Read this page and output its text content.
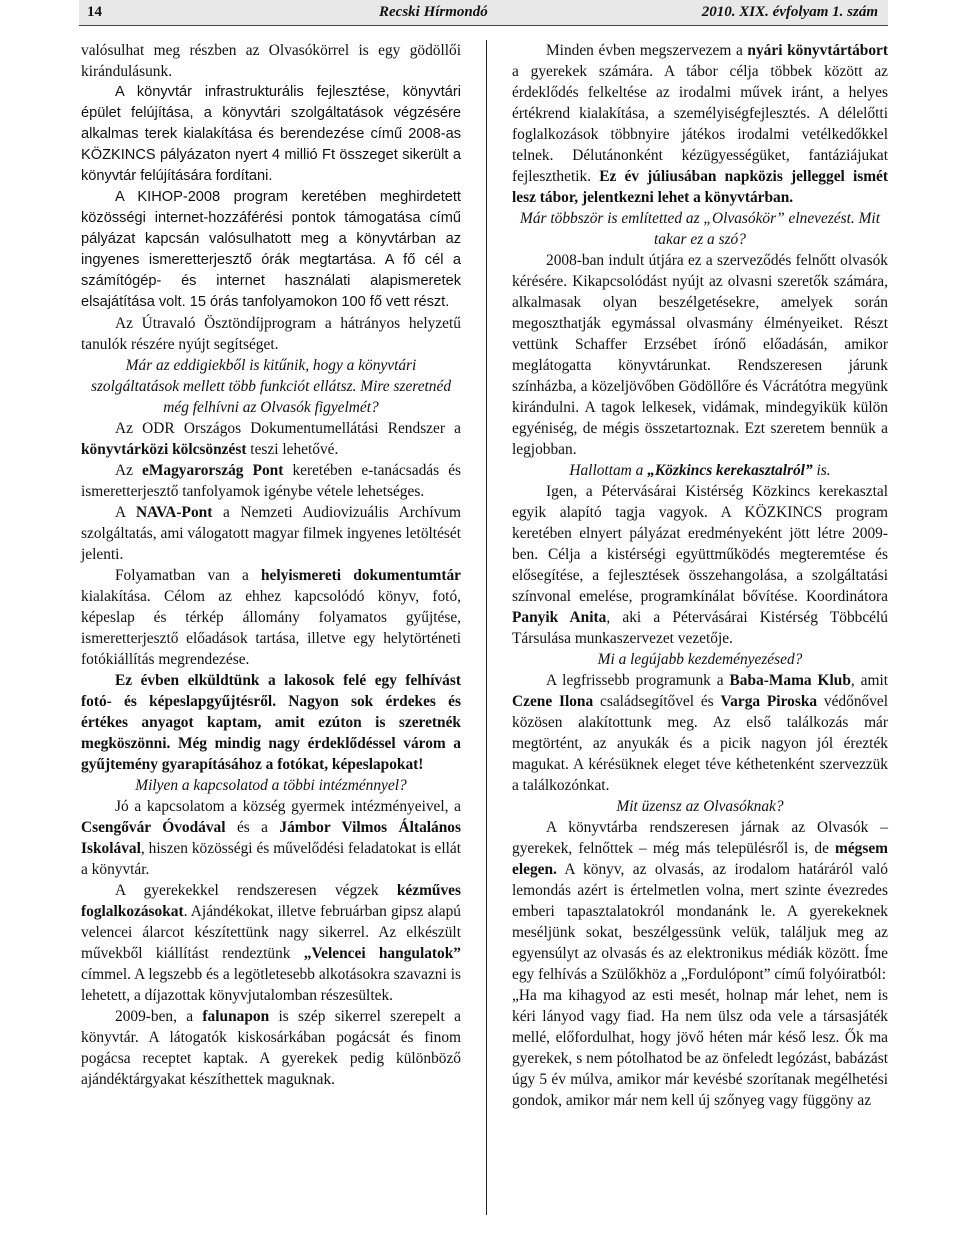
14	Recski Hírmondó	2010. XIX. évfolyam 1. szám

valósulhat meg részben az Olvasókörrel is egy gödöllői kirándulásunk.

A könyvtár infrastrukturális fejlesztése, könyvtári épület felújítása, a könyvtári szolgáltatások végzésére alkalmas terek kialakítása és berendezése című 2008-as KÖZKINCS pályázaton nyert 4 millió Ft összeget sikerült a könyvtár felújítására fordítani.

A KIHOP-2008 program keretében meghirdetett közösségi internet-hozzáférési pontok támogatása című pályázat kapcsán valósulhatott meg a könyvtárban az ingyenes ismeretterjesztő órák megtartása. A fő cél a számítógép- és internet használati alapismeretek elsajátítása volt. 15 órás tanfolyamokon 100 fő vett részt.

Az Útravaló Ösztöndíjprogram a hátrányos helyzetű tanulók részére nyújt segítséget.

Már az eddigiekből is kitűnik, hogy a könyvtári szolgáltatások mellett több funkciót ellátsz. Mire szeretnéd még felhívni az Olvasók figyelmét?

Az ODR Országos Dokumentumellátási Rendszer a könyvtárközi kölcsönzést teszi lehetővé.

Az eMagyarország Pont keretében e-tanácsadás és ismeretterjesztő tanfolyamok igénybe vétele lehetséges.

A NAVA-Pont a Nemzeti Audiovizuális Archívum szolgáltatás, ami válogatott magyar filmek ingyenes letöltését jelenti.

Folyamatban van a helyismereti dokumentumtár kialakítása. Célom az ehhez kapcsolódó könyv, fotó, képeslap és térkép állomány folyamatos gyűjtése, ismeretterjesztő előadások tartása, illetve egy helytörténeti fotókiállítás megrendezése.

Ez évben elküldtünk a lakosok felé egy felhívást fotó- és képeslapgyűjtésről. Nagyon sok érdekes és értékes anyagot kaptam, amit ezúton is szeretnék megköszönni. Még mindig nagy érdeklődéssel várom a gyűjtemény gyarapításához a fotókat, képeslapokat!

Milyen a kapcsolatod a többi intézménnyel?

Jó a kapcsolatom a község gyermek intézményeivel, a Csengővár Óvodával és a Jámbor Vilmos Általános Iskolával, hiszen közösségi és művelődési feladatokat is ellát a könyvtár.

A gyerekekkel rendszeresen végzek kézműves foglalkozásokat. Ajándékokat, illetve februárban gipsz alapú velencei álarcot készítettünk nagy sikerrel. Az elkészült művekből kiállítást rendeztünk „Velencei hangulatok” címmel. A legszebb és a legötletesebb alkotásokra szavazni is lehetett, a díjazottak könyvjutalomban részesültek.

2009-ben, a falunapon is szép sikerrel szerepelt a könyvtár. A látogatók kiskosárkában pogácsát és finom pogácsa receptet kaptak. A gyerekek pedig különböző ajándéktárgyakat készíthettek maguknak.

Minden évben megszervezem a nyári könyvtártábort a gyerekek számára. A tábor célja többek között az érdeklődés felkeltése az irodalmi művek iránt, a helyes értékrend kialakítása, a személyiségfejlesztés. A délelőtti foglalkozások többnyire játékos irodalmi vetélkedőkkel telnek. Délutánonként kézügyességüket, fantáziájukat fejleszthetik. Ez év júliusában napközis jelleggel ismét lesz tábor, jelentkezni lehet a könyvtárban.

Már többször is említetted az „Olvasókör” elnevezést. Mit takar ez a szó?

2008-ban indult útjára ez a szerveződés felnőtt olvasók kérésére. Kikapcsolódást nyújt az olvasni szeretők számára, alkalmasak olyan beszélgetésekre, amelyek során megoszthatják egymással olvasmány élményeiket. Részt vettünk Schaffer Erzsébet írónő előadásán, amikor meglátogatta könyvtárunkat. Rendszeresen járunk színházba, a közeljövőben Gödöllőre és Vácrátótra megyünk kirándulni. A tagok lelkesek, vidámak, mindegyikük külön egyéniség, de mégis összetartoznak. Ezt szeretem bennük a legjobban.

Hallottam a „Közkincs kerekasztalról” is.

Igen, a Pétervásárai Kistérség Közkincs kerekasztal egyik alapító tagja vagyok. A KÖZKINCS program keretében elnyert pályázat eredményeként jött létre 2009-ben. Célja a kistérségi együttműködés megteremtése és elősegítése, a fejlesztések összehangolása, a szolgáltatási színvonal emelése, programkínálat bővítése. Koordinátora Panyik Anita, aki a Pétervásárai Kistérség Többcélú Társulása munkaszervezet vezetője.

Mi a legújabb kezdeményezésed?

A legfrissebb programunk a Baba-Mama Klub, amit Czene Ilona családsegítővel és Varga Piroska védőnővel közösen alakítottunk meg. Az első találkozás már megtörtént, az anyukák és a picik nagyon jól érezték magukat. A kérésüknek eleget téve kéthetenként szervezzük a találkozónkat.

Mit üzensz az Olvasóknak?

A könyvtárba rendszeresen járnak az Olvasók – gyerekek, felnőttek – még más településről is, de mégsem elegen. A könyv, az olvasás, az irodalom határáról való lemondás azért is értelmetlen volna, mert szinte évezredes emberi tapasztalatokról mondanánk le. A gyerekeknek meséljünk sokat, beszélgessünk velük, találjuk meg az egyensúlyt az olvasás és az elektronikus médiák között. Íme egy felhívás a Szülőkhöz a „Fordulópont” című folyóiratból:

„Ha ma kihagyod az esti mesét, holnap már lehet, nem is kéri lányod vagy fiad. Ha nem ülsz oda vele a társasjáték mellé, előfordulhat, hogy jövő héten már késő lesz. Ők ma gyerekek, s nem pótolhatod be az önfeledt legózást, babázást úgy 5 év múlva, amikor már kevésbé szorítanak megélhetési gondok, amikor már nem kell új szőnyeg vagy függöny az
